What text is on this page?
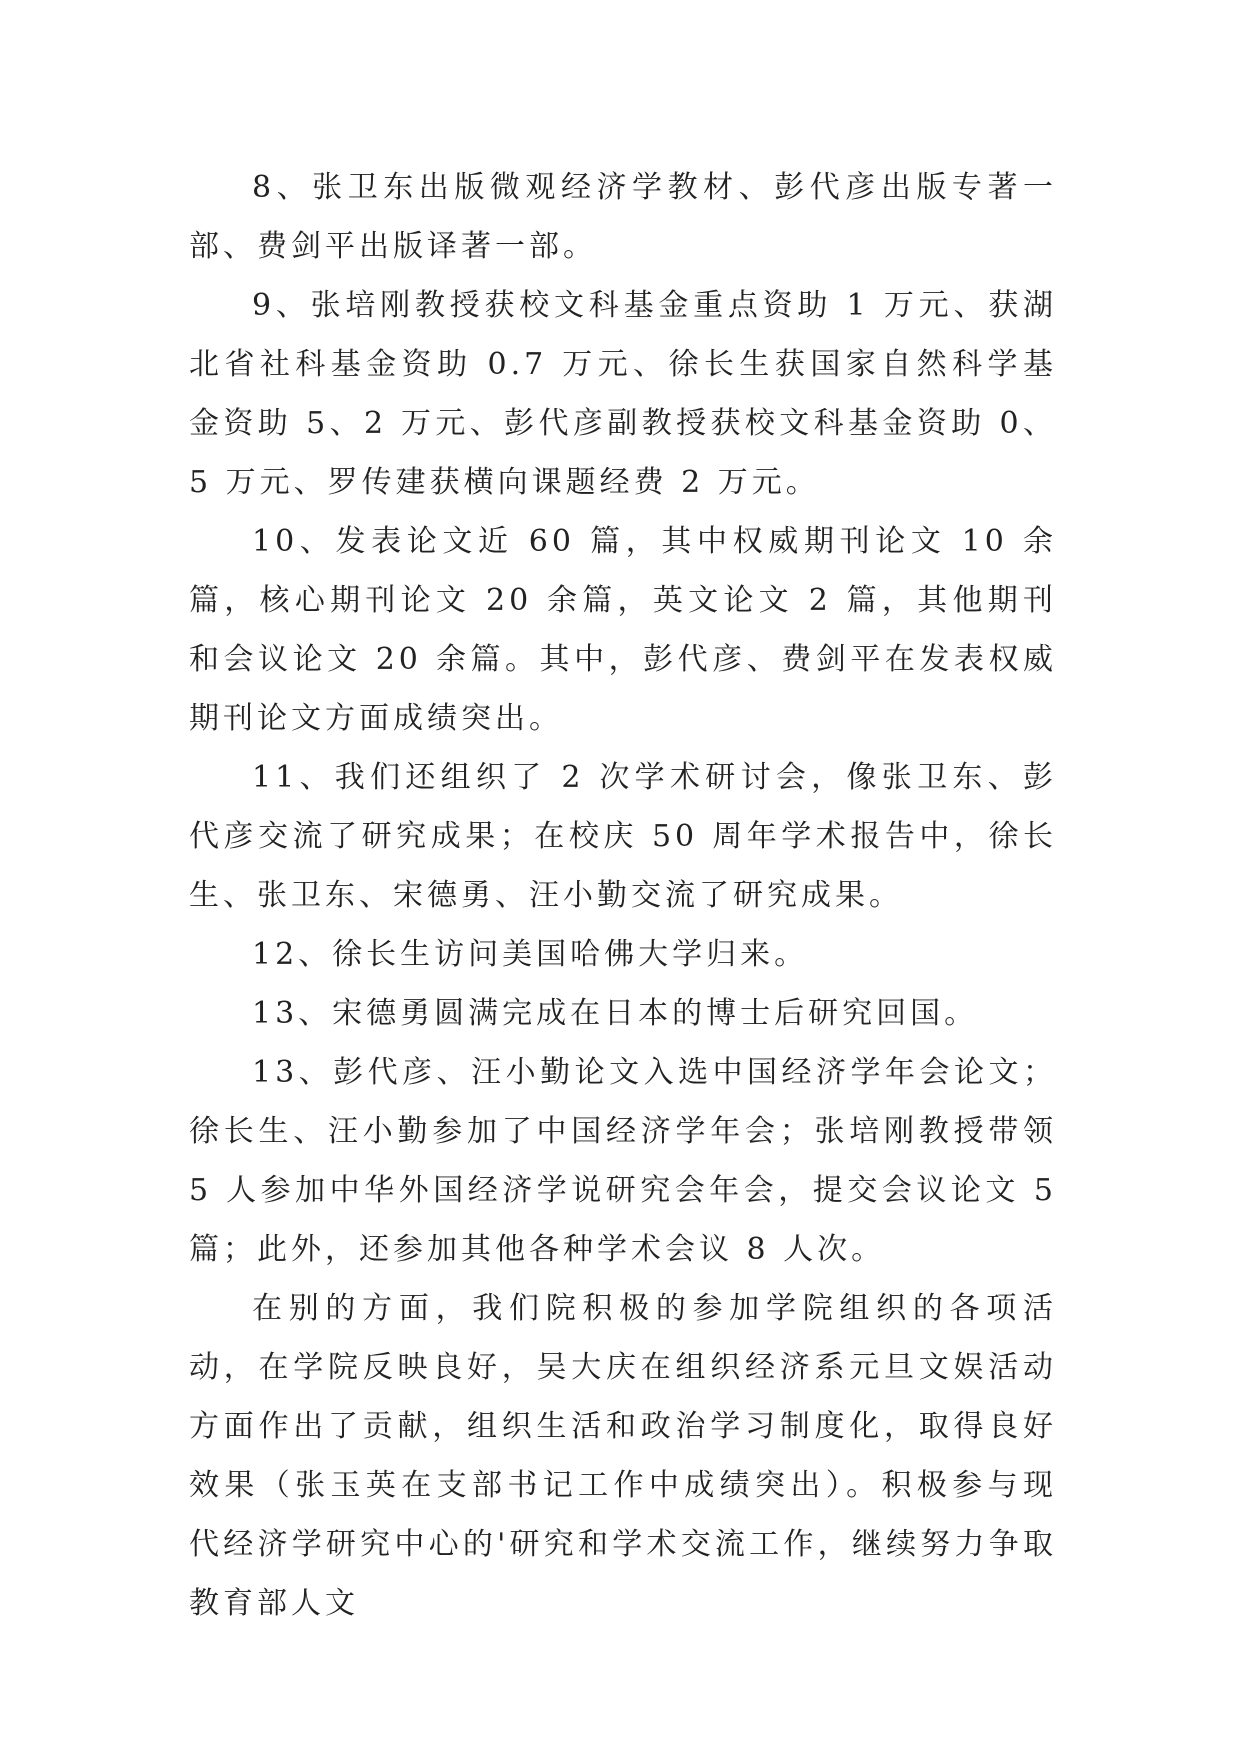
8、张卫东出版微观经济学教材、彭代彦出版专著一部、费剑平出版译著一部。

9、张培刚教授获校文科基金重点资助 1 万元、获湖北省社科基金资助 0.7 万元、徐长生获国家自然科学基金资助 5、2 万元、彭代彦副教授获校文科基金资助 0、5 万元、罗传建获横向课题经费 2 万元。

10、发表论文近 60 篇，其中权威期刊论文 10 余篇，核心期刊论文 20 余篇，英文论文 2 篇，其他期刊和会议论文 20 余篇。其中，彭代彦、费剑平在发表权威期刊论文方面成绩突出。

11、我们还组织了 2 次学术研讨会，像张卫东、彭代彦交流了研究成果；在校庆 50 周年学术报告中，徐长生、张卫东、宋德勇、汪小勤交流了研究成果。

12、徐长生访问美国哈佛大学归来。

13、宋德勇圆满完成在日本的博士后研究回国。

13、彭代彦、汪小勤论文入选中国经济学年会论文；徐长生、汪小勤参加了中国经济学年会；张培刚教授带领 5 人参加中华外国经济学说研究会年会，提交会议论文 5 篇；此外，还参加其他各种学术会议 8 人次。

在别的方面，我们院积极的参加学院组织的各项活动，在学院反映良好，吴大庆在组织经济系元旦文娱活动方面作出了贡献，组织生活和政治学习制度化，取得良好效果（张玉英在支部书记工作中成绩突出）。积极参与现代经济学研究中心的'研究和学术交流工作，继续努力争取教育部人文
